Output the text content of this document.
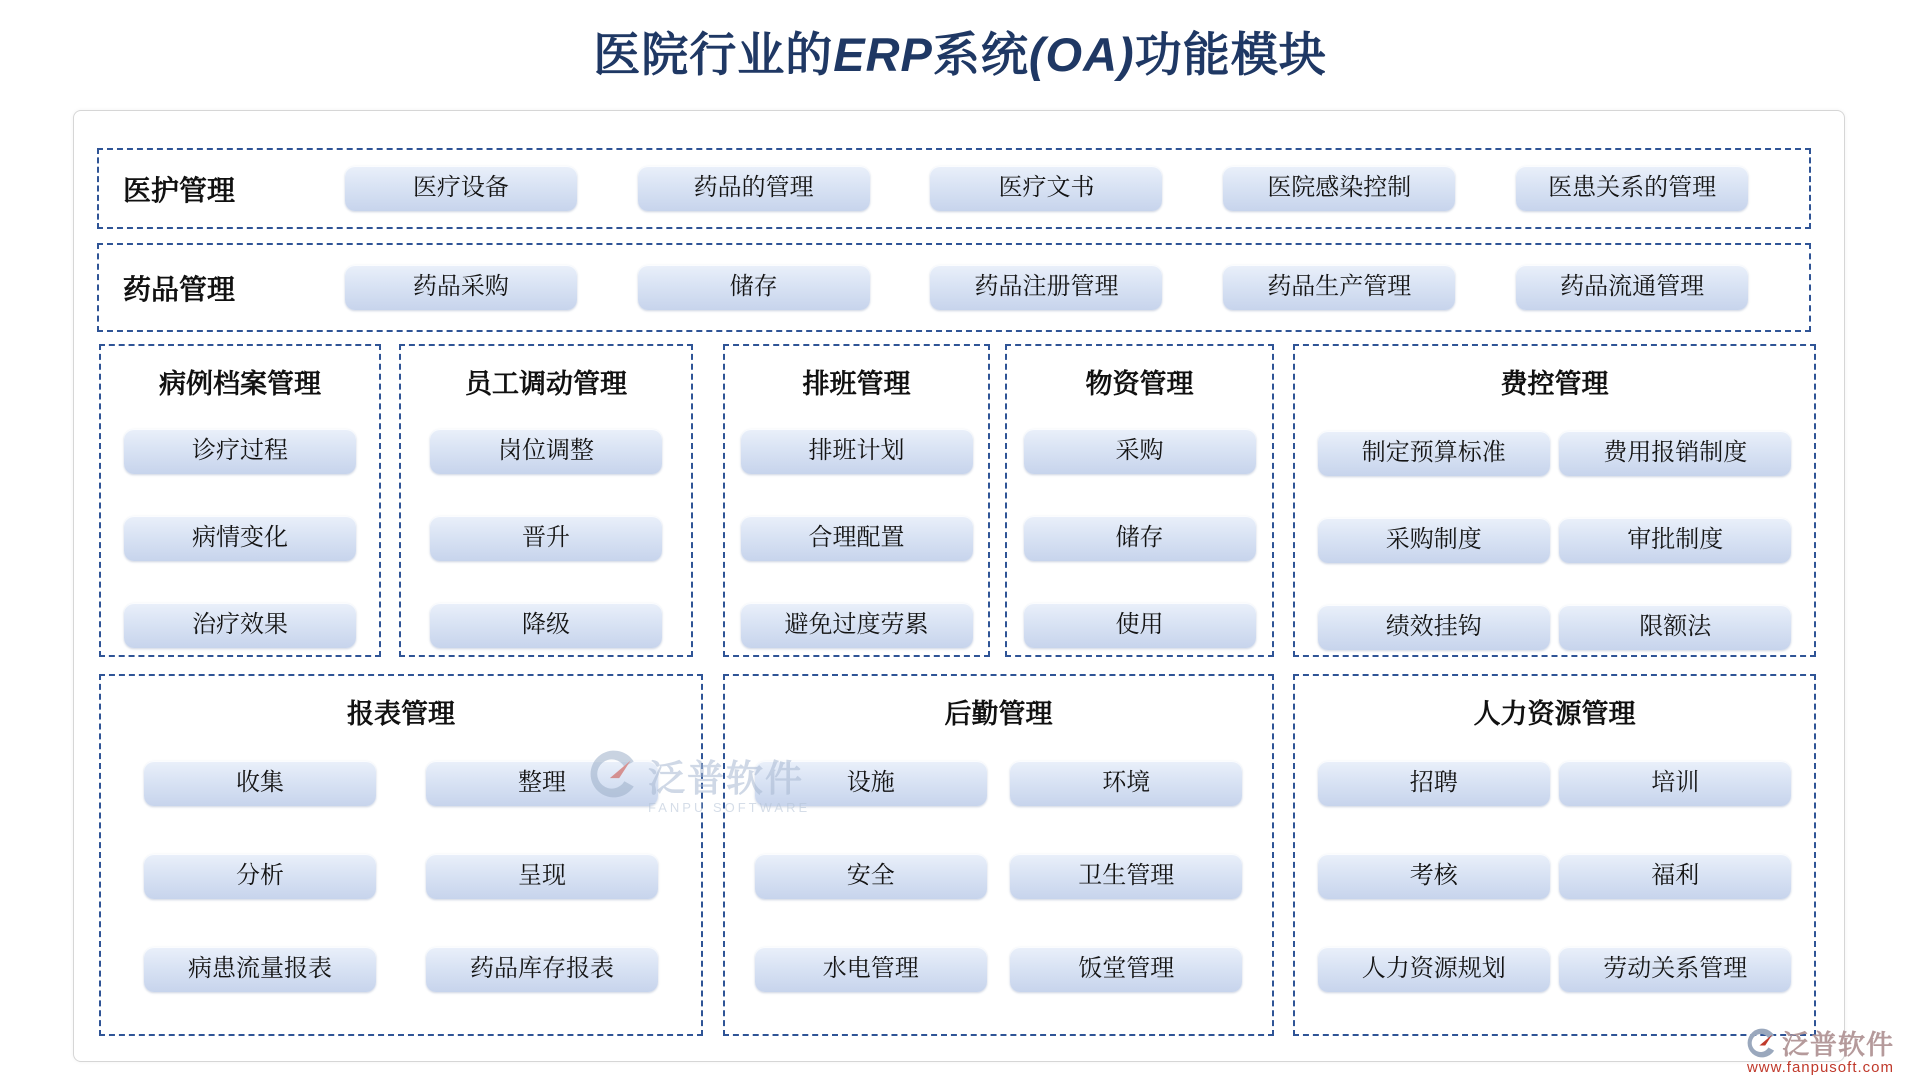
医院行业的ERP系统(OA)功能模块
医护管理	医疗设备	药品的管理	医疗文书	医院感染控制	医患关系的管理
药品管理	药品采购	储存	药品注册管理	药品生产管理	药品流通管理
病例档案管理
诊疗过程
病情变化
治疗效果
员工调动管理
岗位调整
晋升
降级
排班管理
排班计划
合理配置
避免过度劳累
物资管理
采购
储存
使用
费控管理
制定预算标准	费用报销制度
采购制度	审批制度
绩效挂钩	限额法
报表管理
收集	整理
分析	呈现
病患流量报表	药品库存报表
后勤管理
设施	环境
安全	卫生管理
水电管理	饭堂管理
人力资源管理
招聘	培训
考核	福利
人力资源规划	劳动关系管理
泛普软件
FANPU SOFTWARE
泛普软件
www.fanpusoft.com
